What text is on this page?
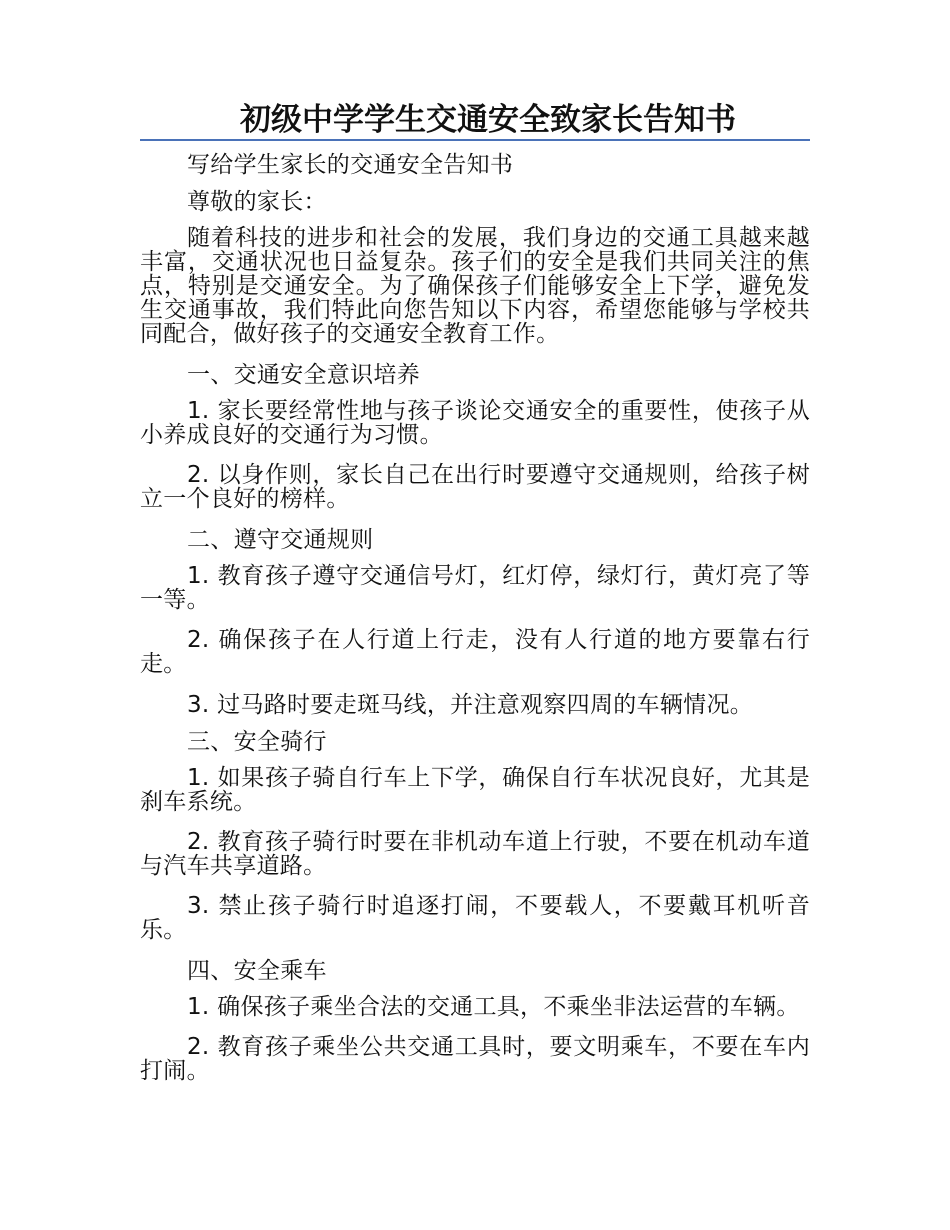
初级中学学生交通安全致家长告知书

写给学生家长的交通安全告知书

尊敬的家长：

随着科技的进步和社会的发展，我们身边的交通工具越来越丰富，交通状况也日益复杂。孩子们的安全是我们共同关注的焦点，特别是交通安全。为了确保孩子们能够安全上下学，避免发生交通事故，我们特此向您告知以下内容，希望您能够与学校共同配合，做好孩子的交通安全教育工作。

一、交通安全意识培养

1. 家长要经常性地与孩子谈论交通安全的重要性，使孩子从小养成良好的交通行为习惯。

2. 以身作则，家长自己在出行时要遵守交通规则，给孩子树立一个良好的榜样。

二、遵守交通规则

1. 教育孩子遵守交通信号灯，红灯停，绿灯行，黄灯亮了等一等。

2. 确保孩子在人行道上行走，没有人行道的地方要靠右行走。

3. 过马路时要走斑马线，并注意观察四周的车辆情况。

三、安全骑行

1. 如果孩子骑自行车上下学，确保自行车状况良好，尤其是刹车系统。

2. 教育孩子骑行时要在非机动车道上行驶，不要在机动车道与汽车共享道路。

3. 禁止孩子骑行时追逐打闹，不要载人，不要戴耳机听音乐。

四、安全乘车

1. 确保孩子乘坐合法的交通工具，不乘坐非法运营的车辆。

2. 教育孩子乘坐公共交通工具时，要文明乘车，不要在车内打闹。
